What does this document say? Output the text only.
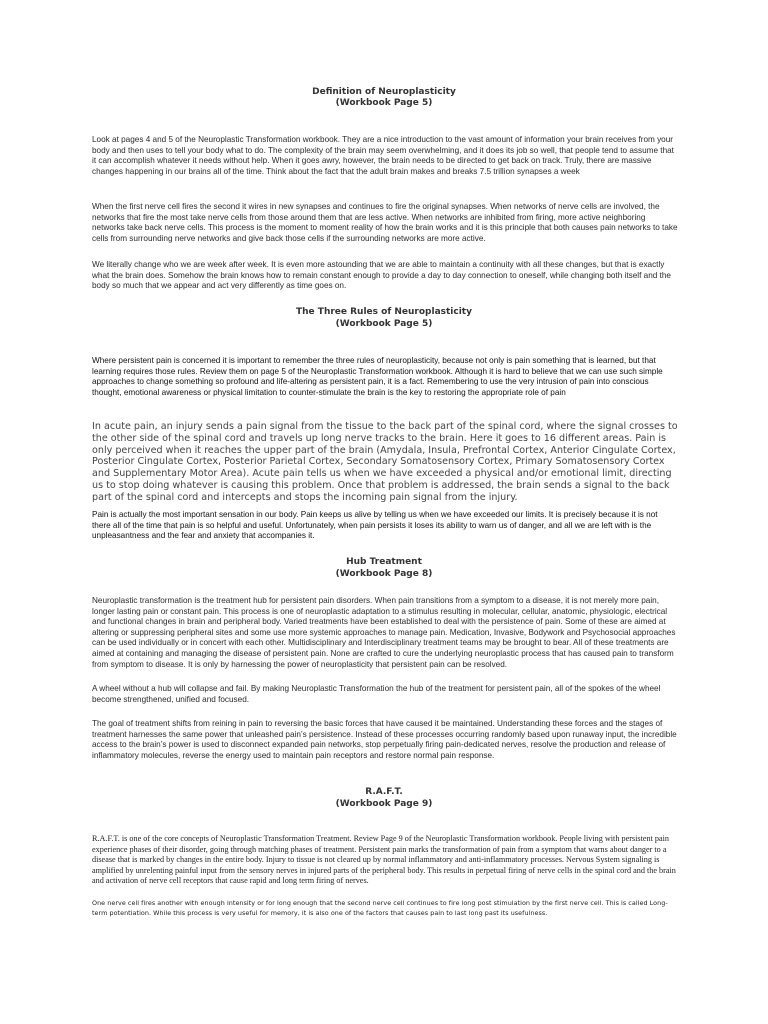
Definition of Neuroplasticity
(Workbook Page 5)

Look at pages 4 and 5 of the Neuroplastic Transformation workbook. They are a nice introduction to the vast amount of information your brain receives from your body and then uses to tell your body what to do. The complexity of the brain may seem overwhelming, and it does its job so well, that people tend to assume that it can accomplish whatever it needs without help. When it goes awry, however, the brain needs to be directed to get back on track. Truly, there are massive changes happening in our brains all of the time. Think about the fact that the adult brain makes and breaks 7.5 trillion synapses a week

When the first nerve cell fires the second it wires in new synapses and continues to fire the original synapses. When networks of nerve cells are involved, the networks that fire the most take nerve cells from those around them that are less active. When networks are inhibited from firing, more active neighboring networks take back nerve cells. This process is the moment to moment reality of how the brain works and it is this principle that both causes pain networks to take cells from surrounding nerve networks and give back those cells if the surrounding networks are more active.

We literally change who we are week after week. It is even more astounding that we are able to maintain a continuity with all these changes, but that is exactly what the brain does. Somehow the brain knows how to remain constant enough to provide a day to day connection to oneself, while changing both itself and the body so much that we appear and act very differently as time goes on.

The Three Rules of Neuroplasticity
(Workbook Page 5)

Where persistent pain is concerned it is important to remember the three rules of neuroplasticity, because not only is pain something that is learned, but that learning requires those rules. Review them on page 5 of the Neuroplastic Transformation workbook. Although it is hard to believe that we can use such simple approaches to change something so profound and life-altering as persistent pain, it is a fact. Remembering to use the very intrusion of pain into conscious thought, emotional awareness or physical limitation to counter-stimulate the brain is the key to restoring the appropriate role of pain

In acute pain, an injury sends a pain signal from the tissue to the back part of the spinal cord, where the signal crosses to the other side of the spinal cord and travels up long nerve tracks to the brain. Here it goes to 16 different areas. Pain is only perceived when it reaches the upper part of the brain (Amydala, Insula, Prefrontal Cortex, Anterior Cingulate Cortex, Posterior Cingulate Cortex, Posterior Parietal Cortex, Secondary Somatosensory Cortex, Primary Somatosensory Cortex and Supplementary Motor Area). Acute pain tells us when we have exceeded a physical and/or emotional limit, directing us to stop doing whatever is causing this problem. Once that problem is addressed, the brain sends a signal to the back part of the spinal cord and intercepts and stops the incoming pain signal from the injury.

Pain is actually the most important sensation in our body. Pain keeps us alive by telling us when we have exceeded our limits. It is precisely because it is not there all of the time that pain is so helpful and useful. Unfortunately, when pain persists it loses its ability to warn us of danger, and all we are left with is the unpleasantness and the fear and anxiety that accompanies it.

Hub Treatment
(Workbook Page 8)

Neuroplastic transformation is the treatment hub for persistent pain disorders. When pain transitions from a symptom to a disease, it is not merely more pain, longer lasting pain or constant pain. This process is one of neuroplastic adaptation to a stimulus resulting in molecular, cellular, anatomic, physiologic, electrical and functional changes in brain and peripheral body. Varied treatments have been established to deal with the persistence of pain. Some of these are aimed at altering or suppressing peripheral sites and some use more systemic approaches to manage pain. Medication, Invasive, Bodywork and Psychosocial approaches can be used individually or in concert with each other. Multidisciplinary and Interdisciplinary treatment teams may be brought to bear. All of these treatments are aimed at containing and managing the disease of persistent pain. None are crafted to cure the underlying neuroplastic process that has caused pain to transform from symptom to disease. It is only by harnessing the power of neuroplasticity that persistent pain can be resolved.

A wheel without a hub will collapse and fail. By making Neuroplastic Transformation the hub of the treatment for persistent pain, all of the spokes of the wheel become strengthened, unified and focused.

The goal of treatment shifts from reining in pain to reversing the basic forces that have caused it be maintained. Understanding these forces and the stages of treatment harnesses the same power that unleashed pain’s persistence. Instead of these processes occurring randomly based upon runaway input, the incredible access to the brain’s power is used to disconnect expanded pain networks, stop perpetually firing pain-dedicated nerves, resolve the production and release of inflammatory molecules, reverse the energy used to maintain pain receptors and restore normal pain response.

R.A.F.T.
(Workbook Page 9)

R.A.F.T. is one of the core concepts of Neuroplastic Transformation Treatment. Review Page 9 of the Neuroplastic Transformation workbook. People living with persistent pain experience phases of their disorder, going through matching phases of treatment. Persistent pain marks the transformation of pain from a symptom that warns about danger to a disease that is marked by changes in the entire body. Injury to tissue is not cleared up by normal inflammatory and anti-inflammatory processes. Nervous System signaling is amplified by unrelenting painful input from the sensory nerves in injured parts of the peripheral body. This results in perpetual firing of nerve cells in the spinal cord and the brain and activation of nerve cell receptors that cause rapid and long term firing of nerves.

One nerve cell fires another with enough intensity or for long enough that the second nerve cell continues to fire long post stimulation by the first nerve cell. This is called Long-term potentiation. While this process is very useful for memory, it is also one of the factors that causes pain to last long past its usefulness.
